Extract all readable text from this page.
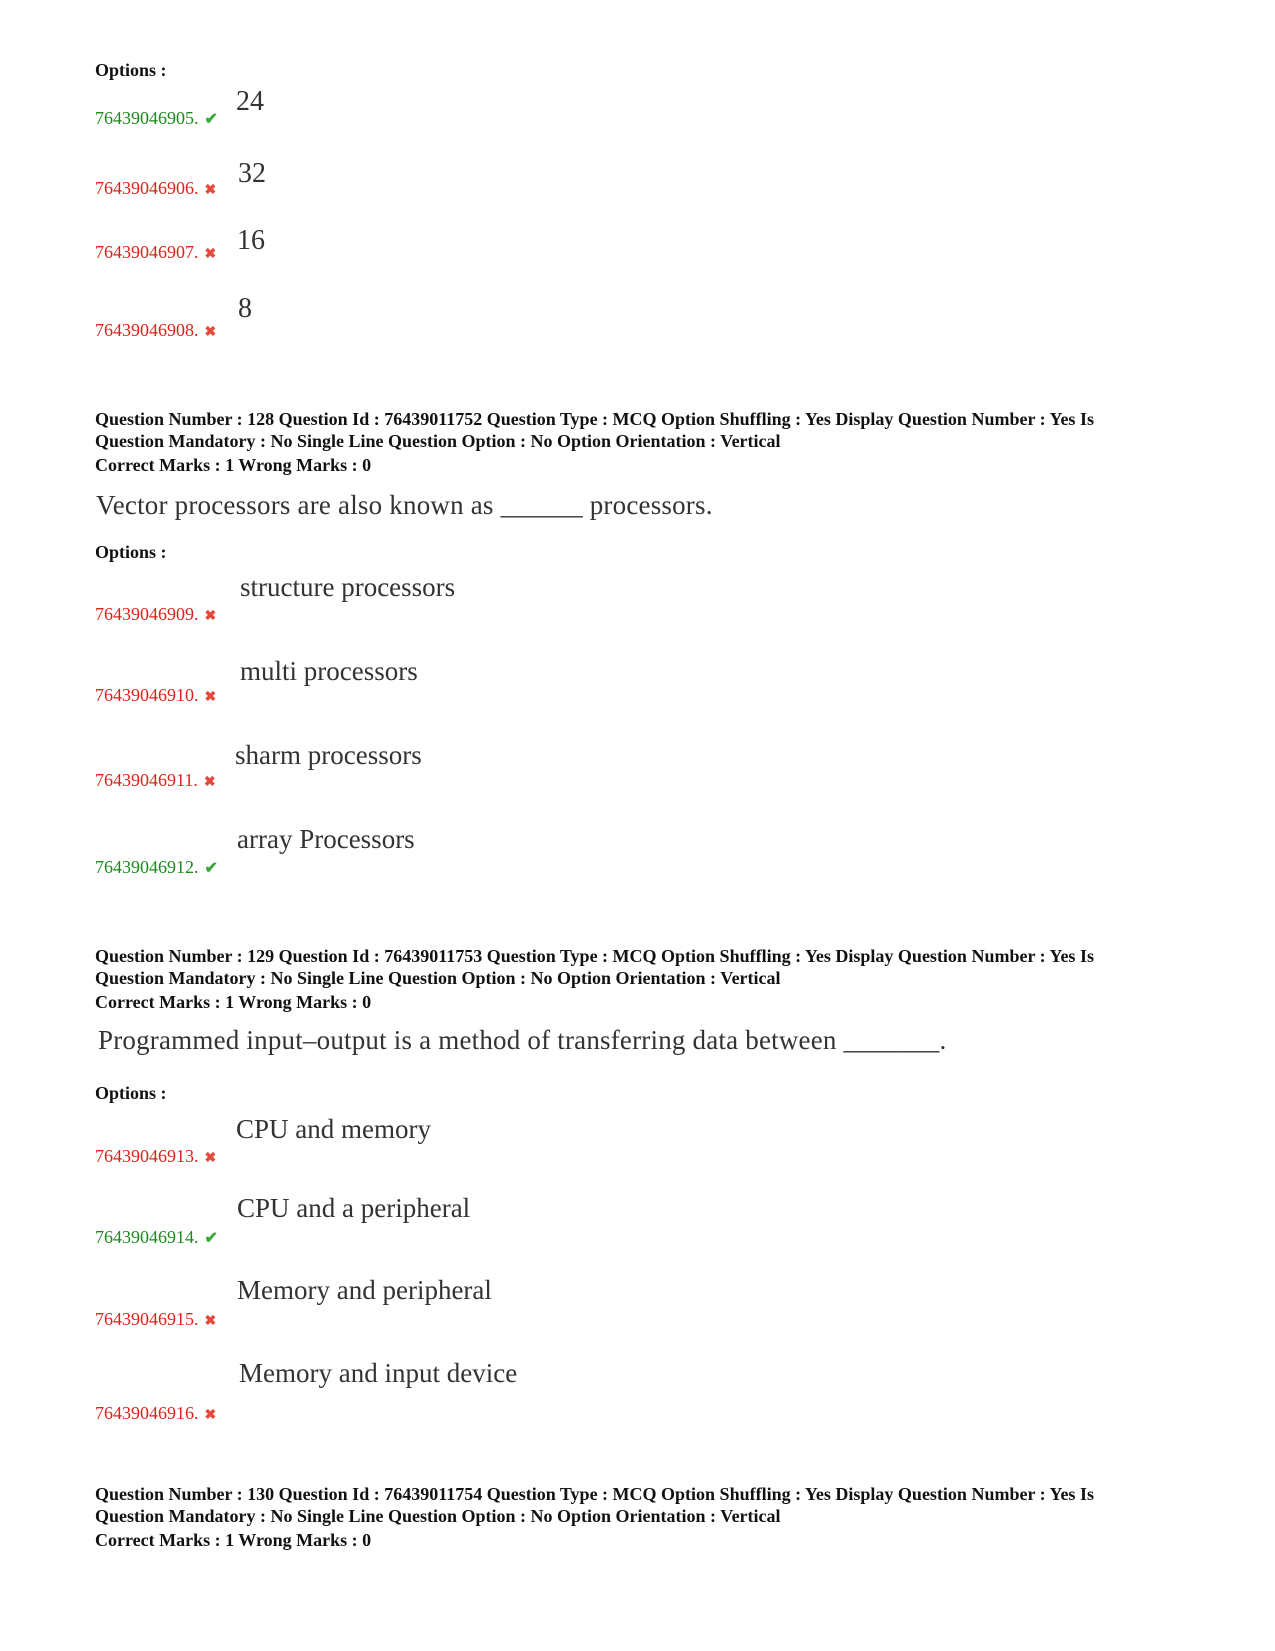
Options :
76439046905. ✔
24
76439046906. ✖
32
76439046907. ✖ 16
76439046908. ✖
8
Question Number : 128 Question Id : 76439011752 Question Type : MCQ Option Shuffling : Yes Display Question Number : Yes Is
Question Mandatory : No Single Line Question Option : No Option Orientation : Vertical
Correct Marks : 1 Wrong Marks : 0
Vector processors are also known as ______ processors.
Options :
76439046909. ✖
structure processors
76439046910. ✖
multi processors
76439046911. ✖
sharm processors
76439046912. ✔
array Processors
Question Number : 129 Question Id : 76439011753 Question Type : MCQ Option Shuffling : Yes Display Question Number : Yes Is
Question Mandatory : No Single Line Question Option : No Option Orientation : Vertical
Correct Marks : 1 Wrong Marks : 0
Programmed input–output is a method of transferring data between _______.
Options :
76439046913. ✖
CPU and memory
76439046914. ✔
CPU and a peripheral
76439046915. ✖
Memory and peripheral
76439046916. ✖
Memory and input device
Question Number : 130 Question Id : 76439011754 Question Type : MCQ Option Shuffling : Yes Display Question Number : Yes Is
Question Mandatory : No Single Line Question Option : No Option Orientation : Vertical
Correct Marks : 1 Wrong Marks : 0
